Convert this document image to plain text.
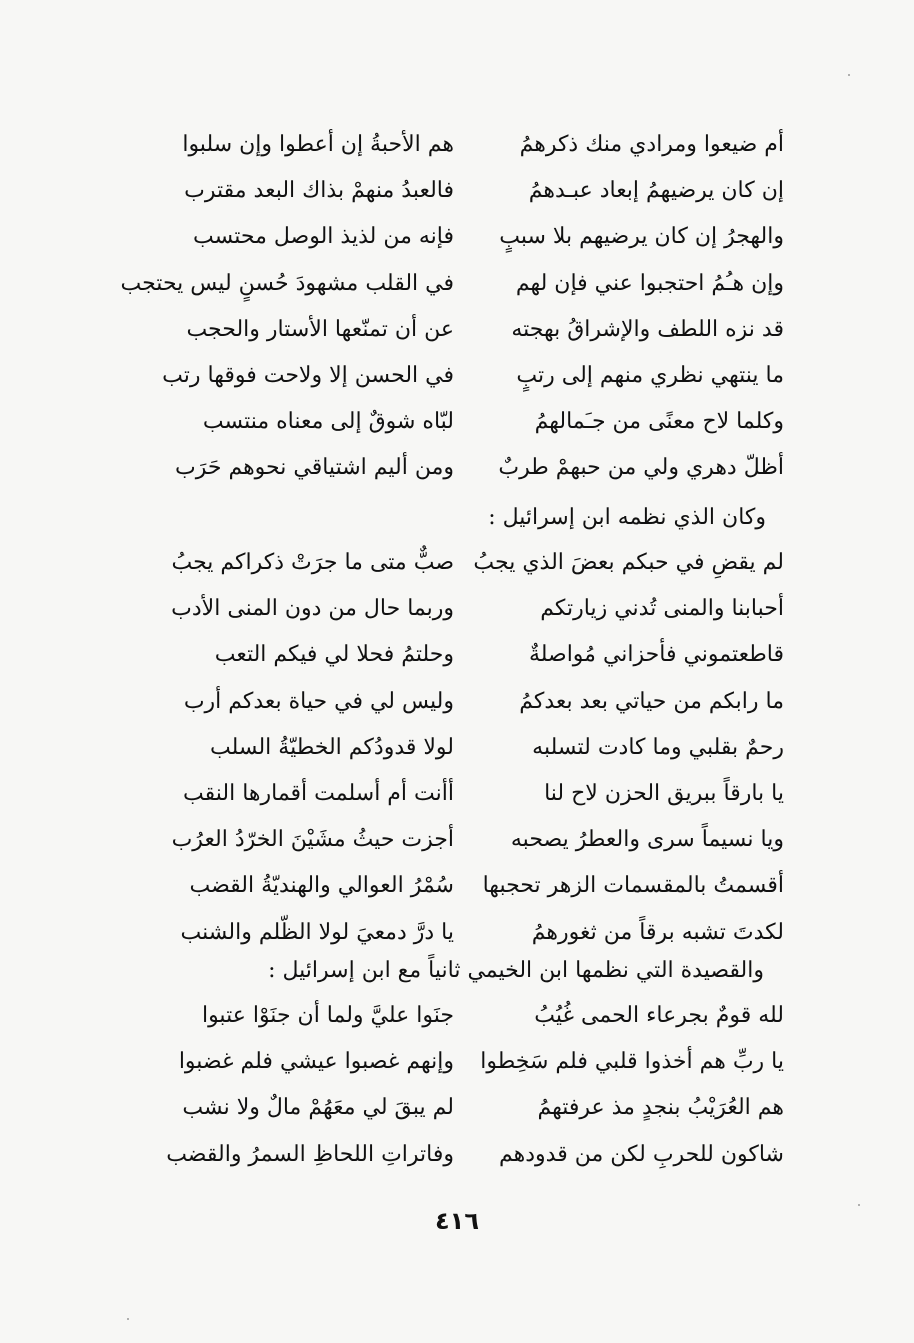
أم ضيعوا ومرادي منك ذكرهمُ
هم الأحبةُ إن أعطوا وإن سلبوا
إن كان يرضيهمُ إبعاد عبـدهمُ
فالعبدُ منهمْ بذاك البعد مقترب
والهجرُ إن كان يرضيهم بلا سببٍ
فإنه من لذيذ الوصل محتسب
وإن هـُمُ احتجبوا عني فإن لهم
في القلب مشهودَ حُسنٍ ليس يحتجب
قد نزه اللطف والإشراقُ بهجته
عن أن تمنّعها الأستار والحجب
ما ينتهي نظري منهم إلى رتبٍ
في الحسن إلا ولاحت فوقها رتب
وكلما لاح معنًى من جـَمالهمُ
لبّاه شوقٌ إلى معناه منتسب
أظلّ دهري ولي من حبهمْ طربٌ
ومن أليم اشتياقي نحوهم حَرَب
وكان الذي نظمه ابن إسرائيل :
لم يقضِ في حبكم بعضَ الذي يجبُ
صبٌّ متى ما جرَتْ ذكراكم يجبُ
أحبابنا والمنى تُدني زيارتكم
وربما حال من دون المنى الأدب
قاطعتموني فأحزاني مُواصلةٌ
وحلتمُ فحلا لي فيكم التعب
ما رابكم من حياتي بعد بعدكمُ
وليس لي في حياة بعدكم أرب
رحمٌ بقلبي وما كادت لتسلبه
لولا قدودُكم الخطيّةُ السلب
يا بارقاً ببريق الحزن لاح لنا
أأنت أم أسلمت أقمارها النقب
ويا نسيماً سرى والعطرُ يصحبه
أجزت حيثُ مشَيْنَ الخرّدُ العرُب
أقسمتُ بالمقسمات الزهر تحجبها
سُمْرُ العوالي والهنديّةُ القضب
لكدتَ تشبه برقاً من ثغورهمُ
يا درَّ دمعيَ لولا الظّلم والشنب
والقصيدة التي نظمها ابن الخيمي ثانياً مع ابن إسرائيل :
لله قومٌ بجرعاء الحمى غُيُبُ
جنَوا عليَّ ولما أن جنَوْا عتبوا
يا ربِّ هم أخذوا قلبي فلم سَخِطوا
وإنهم غصبوا عيشي فلم غضبوا
هم العُرَيْبُ بنجدٍ مذ عرفتهمُ
لم يبقَ لي معَهُمْ مالٌ ولا نشب
شاكون للحربِ لكن من قدودهم
وفاتراتِ اللحاظِ السمرُ والقضب
٤١٦
